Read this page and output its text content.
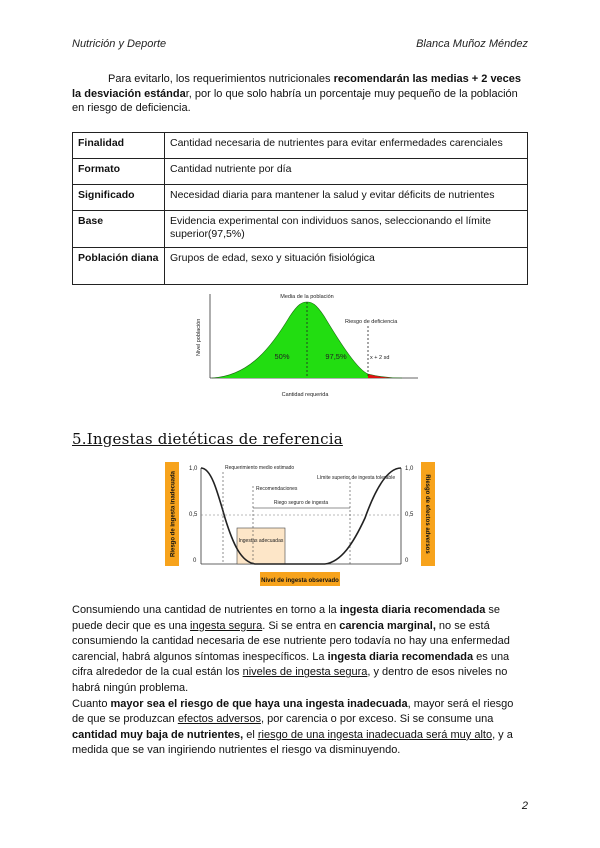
Nutrición y Deporte	Blanca Muñoz Méndez
Para evitarlo, los requerimientos nutricionales recomendarán las medias + 2 veces la desviación estándar, por lo que solo habría un porcentaje muy pequeño de la población en riesgo de deficiencia.
Finalidad	Cantidad necesaria de nutrientes para evitar enfermedades carenciales
Formato	Cantidad nutriente por día
Significado	Necesidad diaria para mantener la salud y evitar déficits de nutrientes
Base	Evidencia experimental con individuos sanos, seleccionando el límite superior(97,5%)
Población diana	Grupos de edad, sexo y situación fisiológica
Media de la población
Riesgo de deficiencia
50%	97,5%	x + 2 sd
Cantidad requerida
Nivel población
5.Ingestas dietéticas de referencia
Riesgo de ingesta inadecuada	Riesgo de efectos adversos
1,0
0,5
0
1,0
0,5
0
Ingestas adecuadas
Requerimiento medio estimado
Recomendaciones
Límite superior de ingesta tolerable
Riego seguro de ingesta
Nivel de ingesta observado
Consumiendo una cantidad de nutrientes en torno a la ingesta diaria recomendada se puede decir que es una ingesta segura. Si se entra en carencia marginal, no se está consumiendo la cantidad necesaria de ese nutriente pero todavía no hay una enfermedad carencial, habrá algunos síntomas inespecíficos. La ingesta diaria recomendada es una cifra alrededor de la cual están los niveles de ingesta segura, y dentro de esos niveles no habrá ningún problema.
Cuanto mayor sea el riesgo de que haya una ingesta inadecuada, mayor será el riesgo de que se produzcan efectos adversos, por carencia o por exceso. Si se consume una cantidad muy baja de nutrientes, el riesgo de una ingesta inadecuada será muy alto, y a medida que se van ingiriendo nutrientes el riesgo va disminuyendo.
2
